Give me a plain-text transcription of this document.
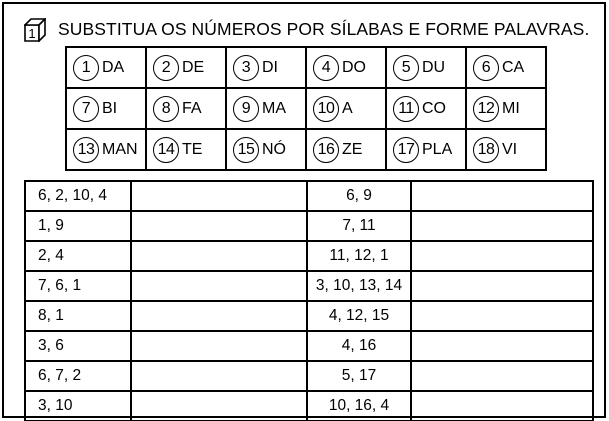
1 SUBSTITUA OS NÚMEROS POR SÍLABAS E FORME PALAVRAS.
1 DA	2 DE	3 DI	4 DO	5 DU	6 CA
7 BI	8 FA	9 MA	10 A	11 CO	12 MI
13 MAN	14 TE	15 NÓ	16 ZE	17 PLA	18 VI
6, 2, 10, 4		6, 9	
1, 9		7, 11	
2, 4		11, 12, 1	
7, 6, 1		3, 10, 13, 14	
8, 1		4, 12, 15	
3, 6		4, 16	
6, 7, 2		5, 17	
3, 10		10, 16, 4	
